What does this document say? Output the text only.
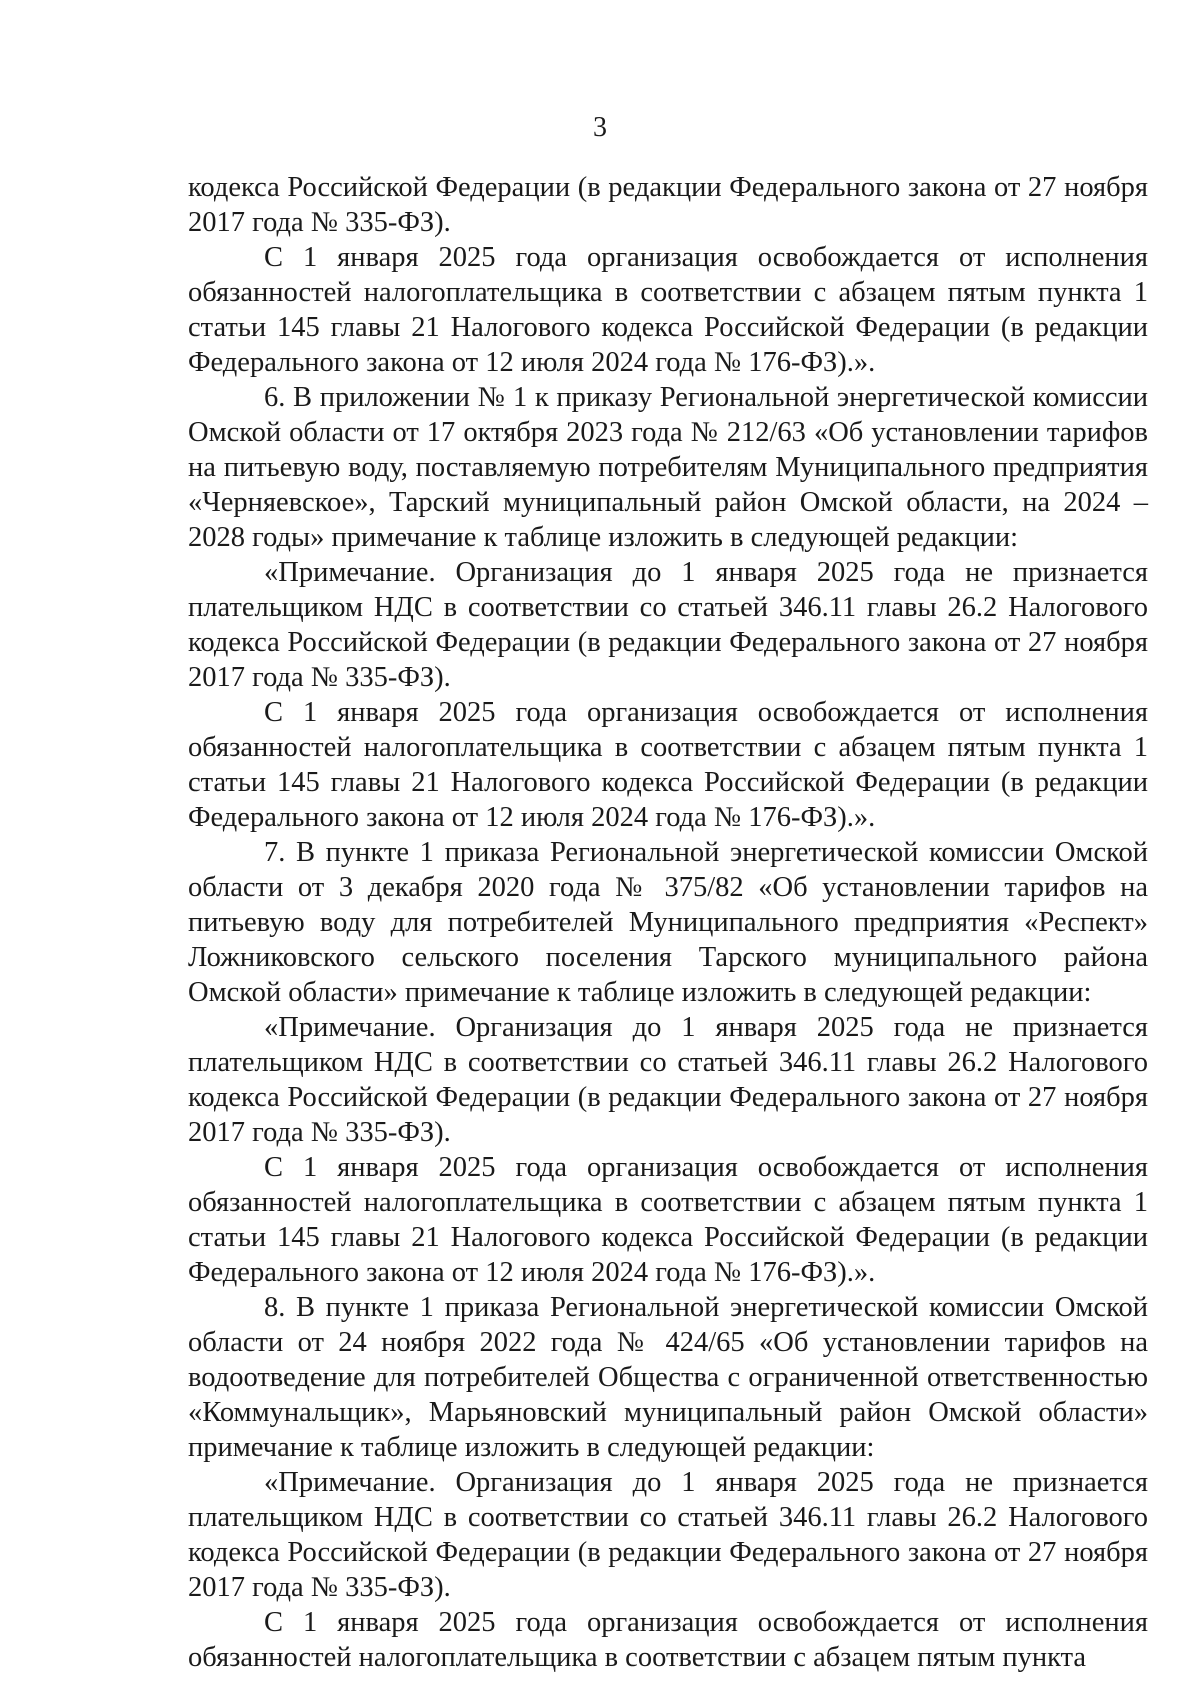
3

кодекса Российской Федерации (в редакции Федерального закона от 27 ноября 2017 года № 335-ФЗ).

С 1 января 2025 года организация освобождается от исполнения обязанностей налогоплательщика в соответствии с абзацем пятым пункта 1 статьи 145 главы 21 Налогового кодекса Российской Федерации (в редакции Федерального закона от 12 июля 2024 года № 176-ФЗ).».

6. В приложении № 1 к приказу Региональной энергетической комиссии Омской области от 17 октября 2023 года № 212/63 «Об установлении тарифов на питьевую воду, поставляемую потребителям Муниципального предприятия «Черняевское», Тарский муниципальный район Омской области, на 2024 – 2028 годы» примечание к таблице изложить в следующей редакции:

«Примечание. Организация до 1 января 2025 года не признается плательщиком НДС в соответствии со статьей 346.11 главы 26.2 Налогового кодекса Российской Федерации (в редакции Федерального закона от 27 ноября 2017 года № 335-ФЗ).

С 1 января 2025 года организация освобождается от исполнения обязанностей налогоплательщика в соответствии с абзацем пятым пункта 1 статьи 145 главы 21 Налогового кодекса Российской Федерации (в редакции Федерального закона от 12 июля 2024 года № 176-ФЗ).».

7. В пункте 1 приказа Региональной энергетической комиссии Омской области от 3 декабря 2020 года № 375/82 «Об установлении тарифов на питьевую воду для потребителей Муниципального предприятия «Респект» Ложниковского сельского поселения Тарского муниципального района Омской области» примечание к таблице изложить в следующей редакции:

«Примечание. Организация до 1 января 2025 года не признается плательщиком НДС в соответствии со статьей 346.11 главы 26.2 Налогового кодекса Российской Федерации (в редакции Федерального закона от 27 ноября 2017 года № 335-ФЗ).

С 1 января 2025 года организация освобождается от исполнения обязанностей налогоплательщика в соответствии с абзацем пятым пункта 1 статьи 145 главы 21 Налогового кодекса Российской Федерации (в редакции Федерального закона от 12 июля 2024 года № 176-ФЗ).».

8. В пункте 1 приказа Региональной энергетической комиссии Омской области от 24 ноября 2022 года № 424/65 «Об установлении тарифов на водоотведение для потребителей Общества с ограниченной ответственностью «Коммунальщик», Марьяновский муниципальный район Омской области» примечание к таблице изложить в следующей редакции:

«Примечание. Организация до 1 января 2025 года не признается плательщиком НДС в соответствии со статьей 346.11 главы 26.2 Налогового кодекса Российской Федерации (в редакции Федерального закона от 27 ноября 2017 года № 335-ФЗ).

С 1 января 2025 года организация освобождается от исполнения обязанностей налогоплательщика в соответствии с абзацем пятым пункта
